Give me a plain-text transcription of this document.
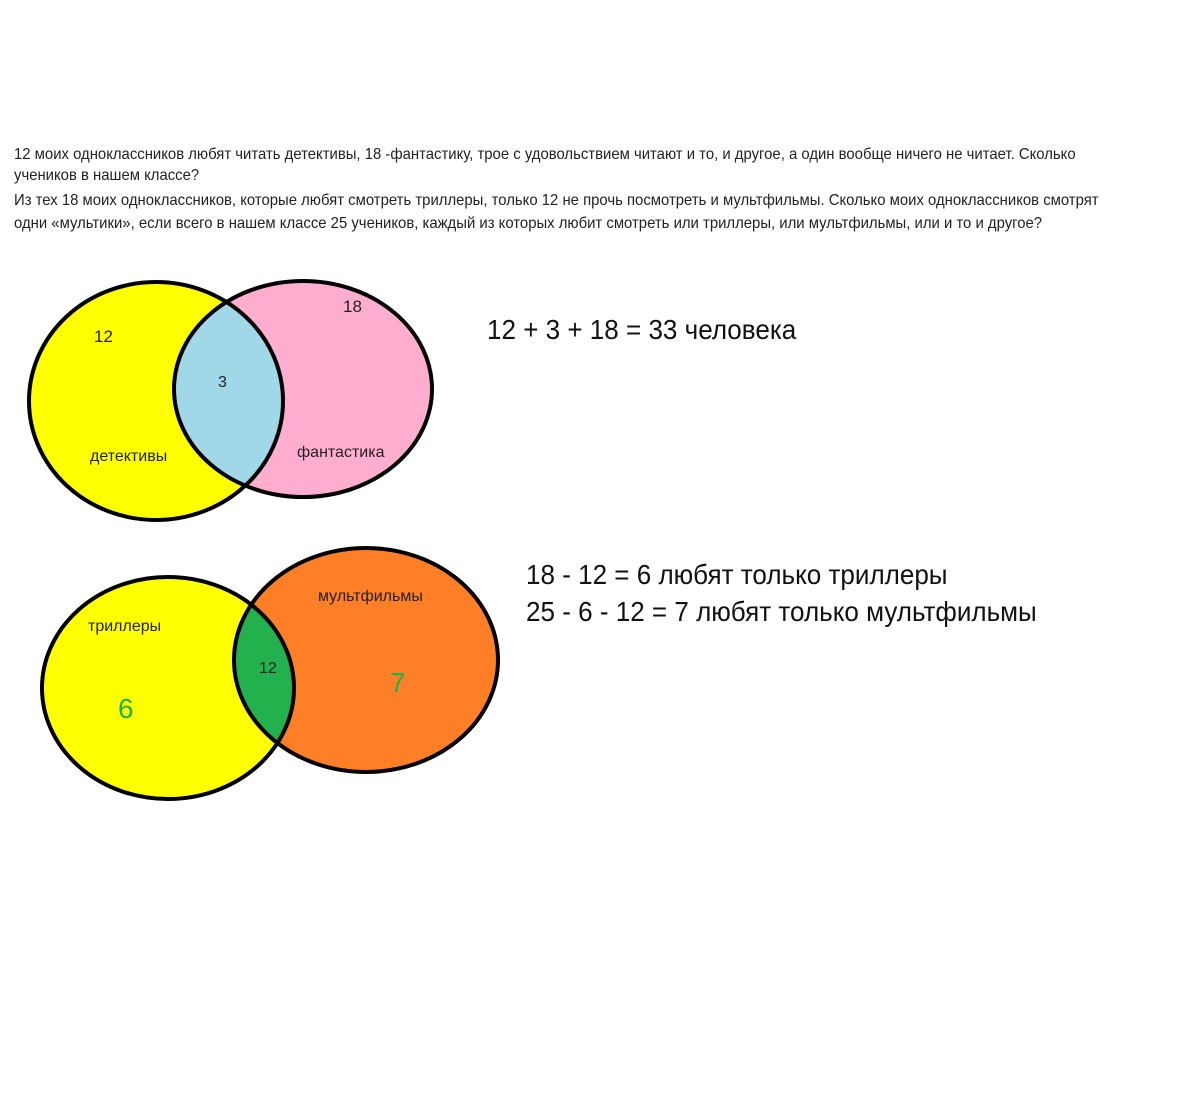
12 моих одноклассников любят читать детективы, 18 -фантастику, трое с удовольствием читают и то, и другое, а один вообще ничего не читает. Сколько
учеников в нашем классе?
Из тех 18 моих одноклассников, которые любят смотреть триллеры, только 12 не прочь посмотреть и мультфильмы. Сколько моих одноклассников смотрят
одни «мультики», если всего в нашем классе 25 учеников, каждый из которых любит смотреть или триллеры, или мультфильмы, или и то и другое?
12
18
3
детективы	фантастика
триллеры
мультфильмы
12
6
7
12 + 3 + 18 = 33 человека
18 - 12 = 6 любят только триллеры
25 - 6 - 12 = 7 любят только мультфильмы
